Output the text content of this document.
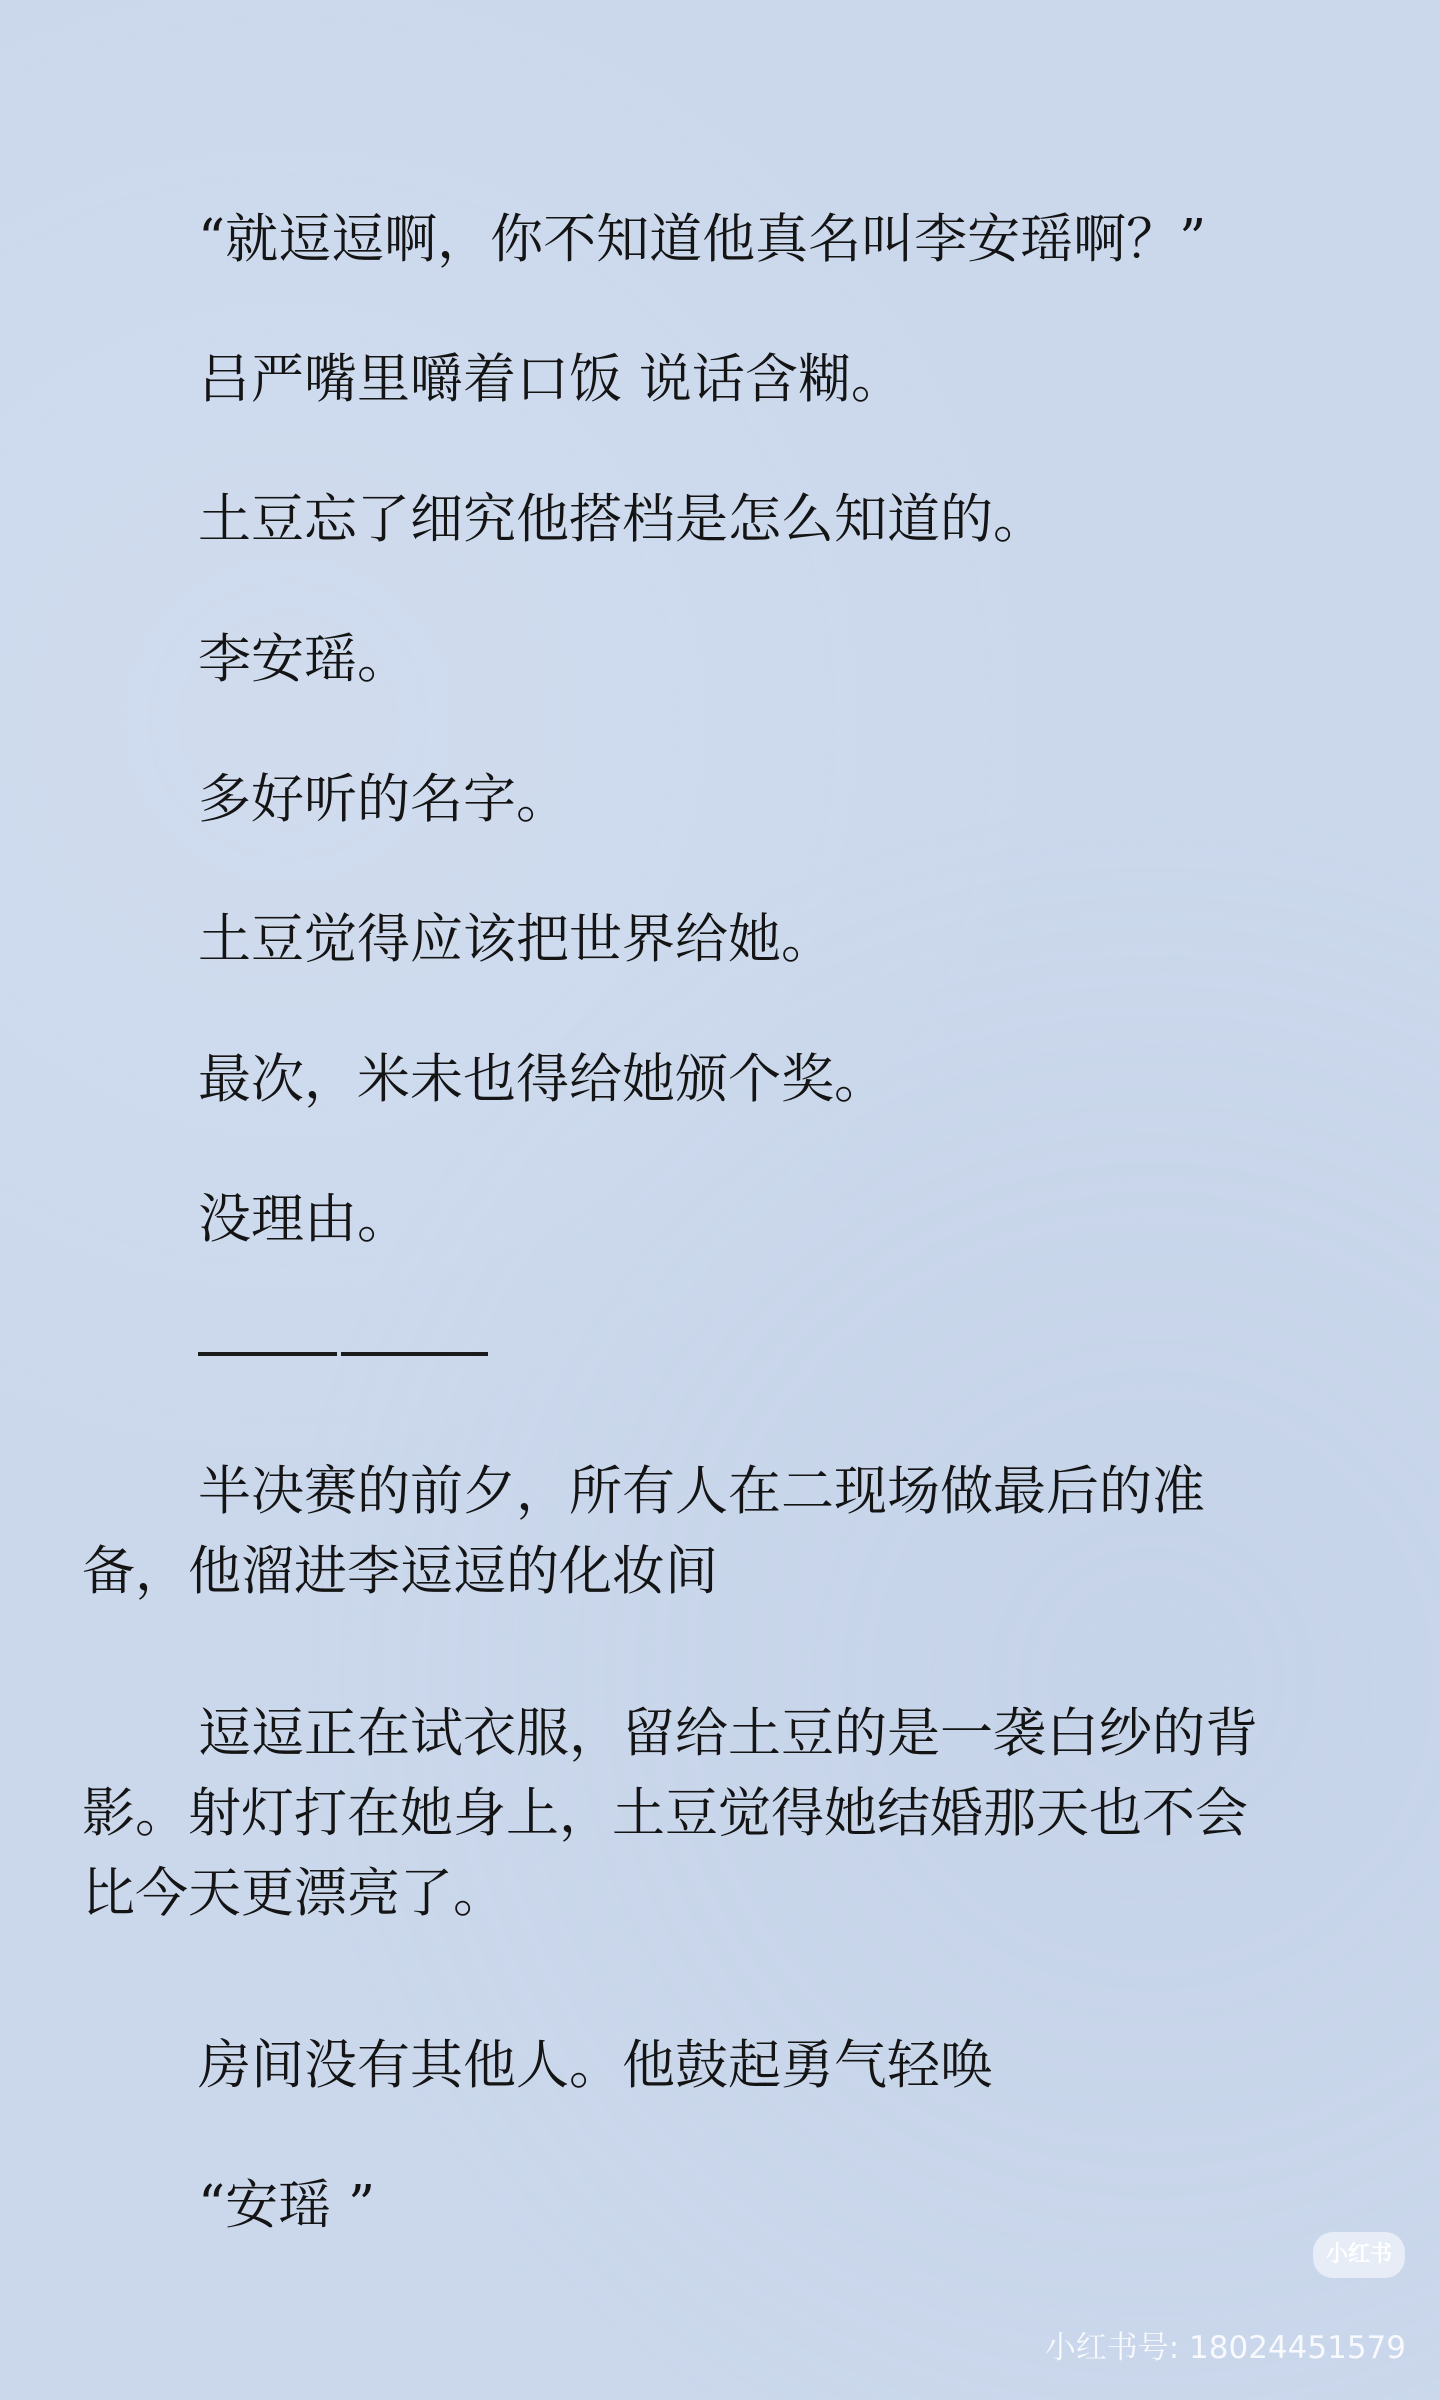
“就逗逗啊，你不知道他真名叫李安瑶啊？”

吕严嘴里嚼着口饭 说话含糊。

土豆忘了细究他搭档是怎么知道的。

李安瑶。

多好听的名字。

土豆觉得应该把世界给她。

最次，米未也得给她颁个奖。

没理由。

半决赛的前夕，所有人在二现场做最后的准
备，他溜进李逗逗的化妆间

逗逗正在试衣服，留给土豆的是一袭白纱的背
影。射灯打在她身上，土豆觉得她结婚那天也不会
比今天更漂亮了。

房间没有其他人。他鼓起勇气轻唤

“安瑶 ”

小红书
小红书号: 18024451579
